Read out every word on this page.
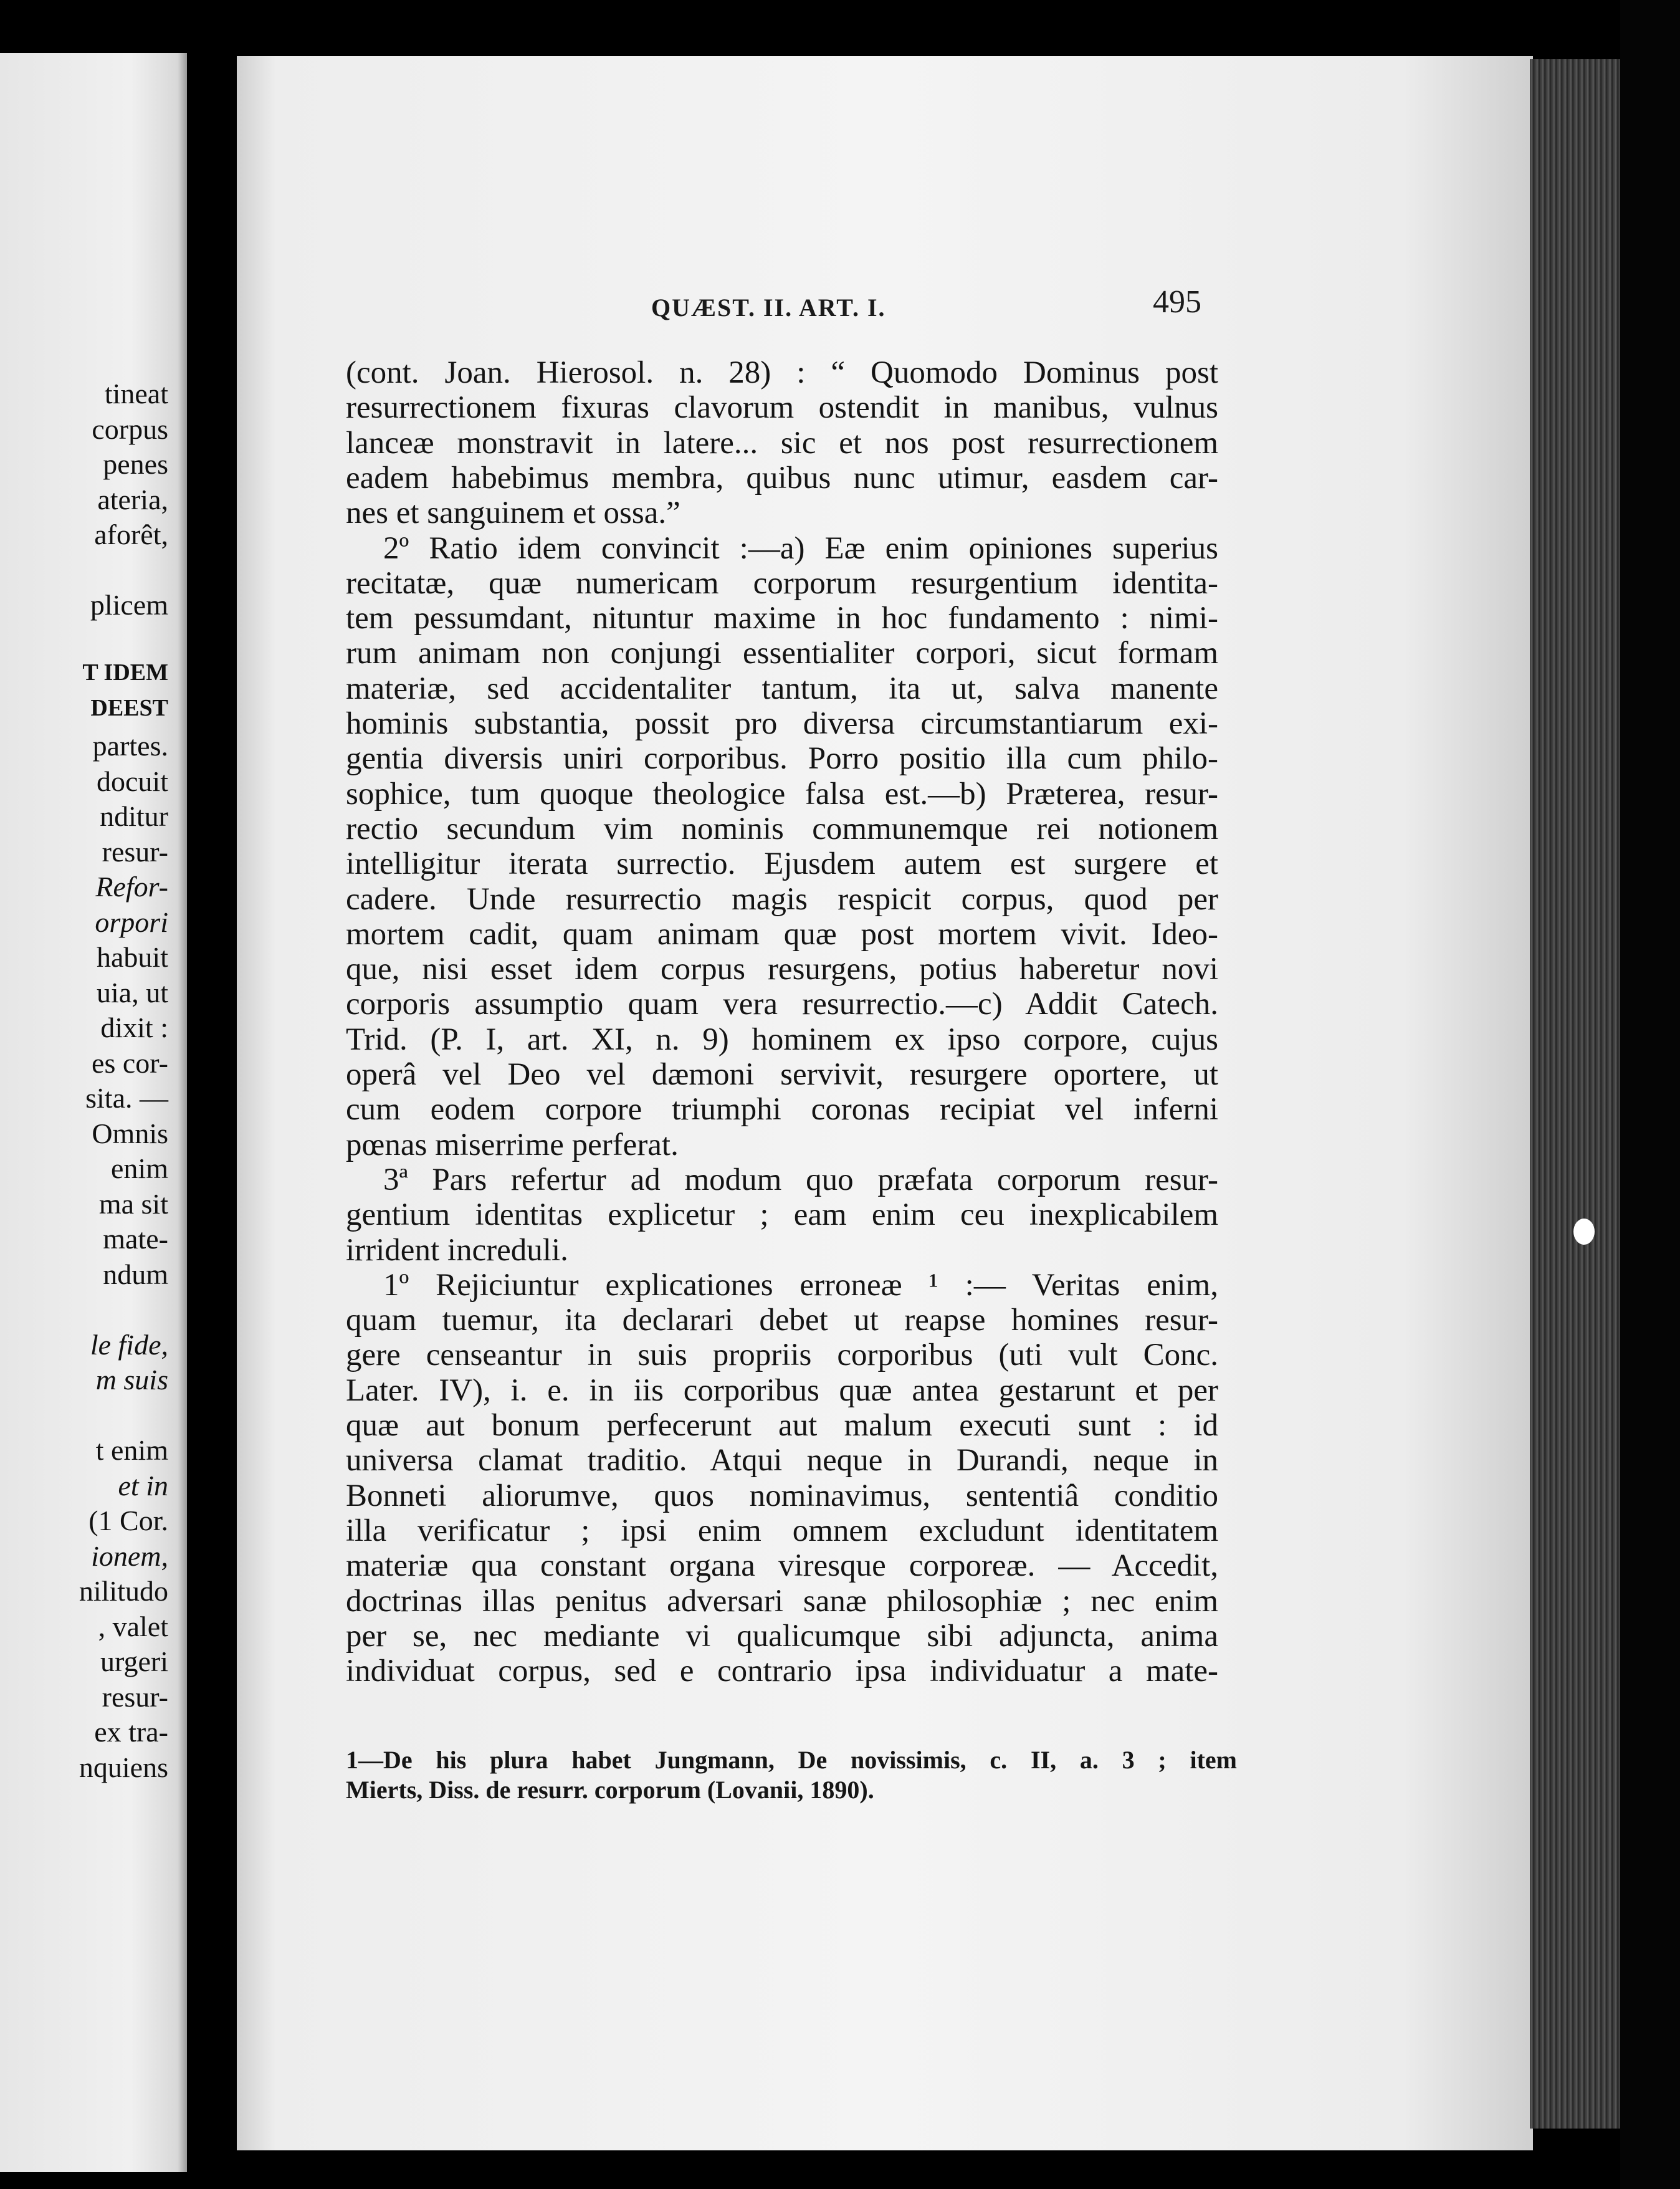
tineat
corpus
penes
ateria,
aforêt,
plicem
T IDEM
DEEST
partes.
docuit
nditur
resur-
Refor-
orpori
habuit
uia, ut
dixit :
es cor-
sita. —
Omnis
enim
ma sit
mate-
ndum
le fide,
m suis
t enim
et in
(1 Cor.
ionem,
nilitudo
, valet
urgeri
resur-
ex tra-
nquiens
QUÆST. II. ART. I.	495
(cont. Joan. Hierosol. n. 28) : “ Quomodo Dominus post
resurrectionem fixuras clavorum ostendit in manibus, vulnus
lanceæ monstravit in latere... sic et nos post resurrectionem
eadem habebimus membra, quibus nunc utimur, easdem car-
nes et sanguinem et ossa.”
2º Ratio idem convincit :—a) Eæ enim opiniones superius
recitatæ, quæ numericam corporum resurgentium identita-
tem pessumdant, nituntur maxime in hoc fundamento : nimi-
rum animam non conjungi essentialiter corpori, sicut formam
materiæ, sed accidentaliter tantum, ita ut, salva manente
hominis substantia, possit pro diversa circumstantiarum exi-
gentia diversis uniri corporibus. Porro positio illa cum philo-
sophice, tum quoque theologice falsa est.—b) Præterea, resur-
rectio secundum vim nominis communemque rei notionem
intelligitur iterata surrectio. Ejusdem autem est surgere et
cadere. Unde resurrectio magis respicit corpus, quod per
mortem cadit, quam animam quæ post mortem vivit. Ideo-
que, nisi esset idem corpus resurgens, potius haberetur novi
corporis assumptio quam vera resurrectio.—c) Addit Catech.
Trid. (P. I, art. XI, n. 9) hominem ex ipso corpore, cujus
operâ vel Deo vel dæmoni servivit, resurgere oportere, ut
cum eodem corpore triumphi coronas recipiat vel inferni
pœnas miserrime perferat.
3ª Pars refertur ad modum quo præfata corporum resur-
gentium identitas explicetur ; eam enim ceu inexplicabilem
irrident increduli.
1º Rejiciuntur explicationes erroneæ ¹ :— Veritas enim,
quam tuemur, ita declarari debet ut reapse homines resur-
gere censeantur in suis propriis corporibus (uti vult Conc.
Later. IV), i. e. in iis corporibus quæ antea gestarunt et per
quæ aut bonum perfecerunt aut malum executi sunt : id
universa clamat traditio. Atqui neque in Durandi, neque in
Bonneti aliorumve, quos nominavimus, sententiâ conditio
illa verificatur ; ipsi enim omnem excludunt identitatem
materiæ qua constant organa viresque corporeæ. — Accedit,
doctrinas illas penitus adversari sanæ philosophiæ ; nec enim
per se, nec mediante vi qualicumque sibi adjuncta, anima
individuat corpus, sed e contrario ipsa individuatur a mate-
1—De his plura habet Jungmann, De novissimis, c. II, a. 3 ; item
Mierts, Diss. de resurr. corporum (Lovanii, 1890).
